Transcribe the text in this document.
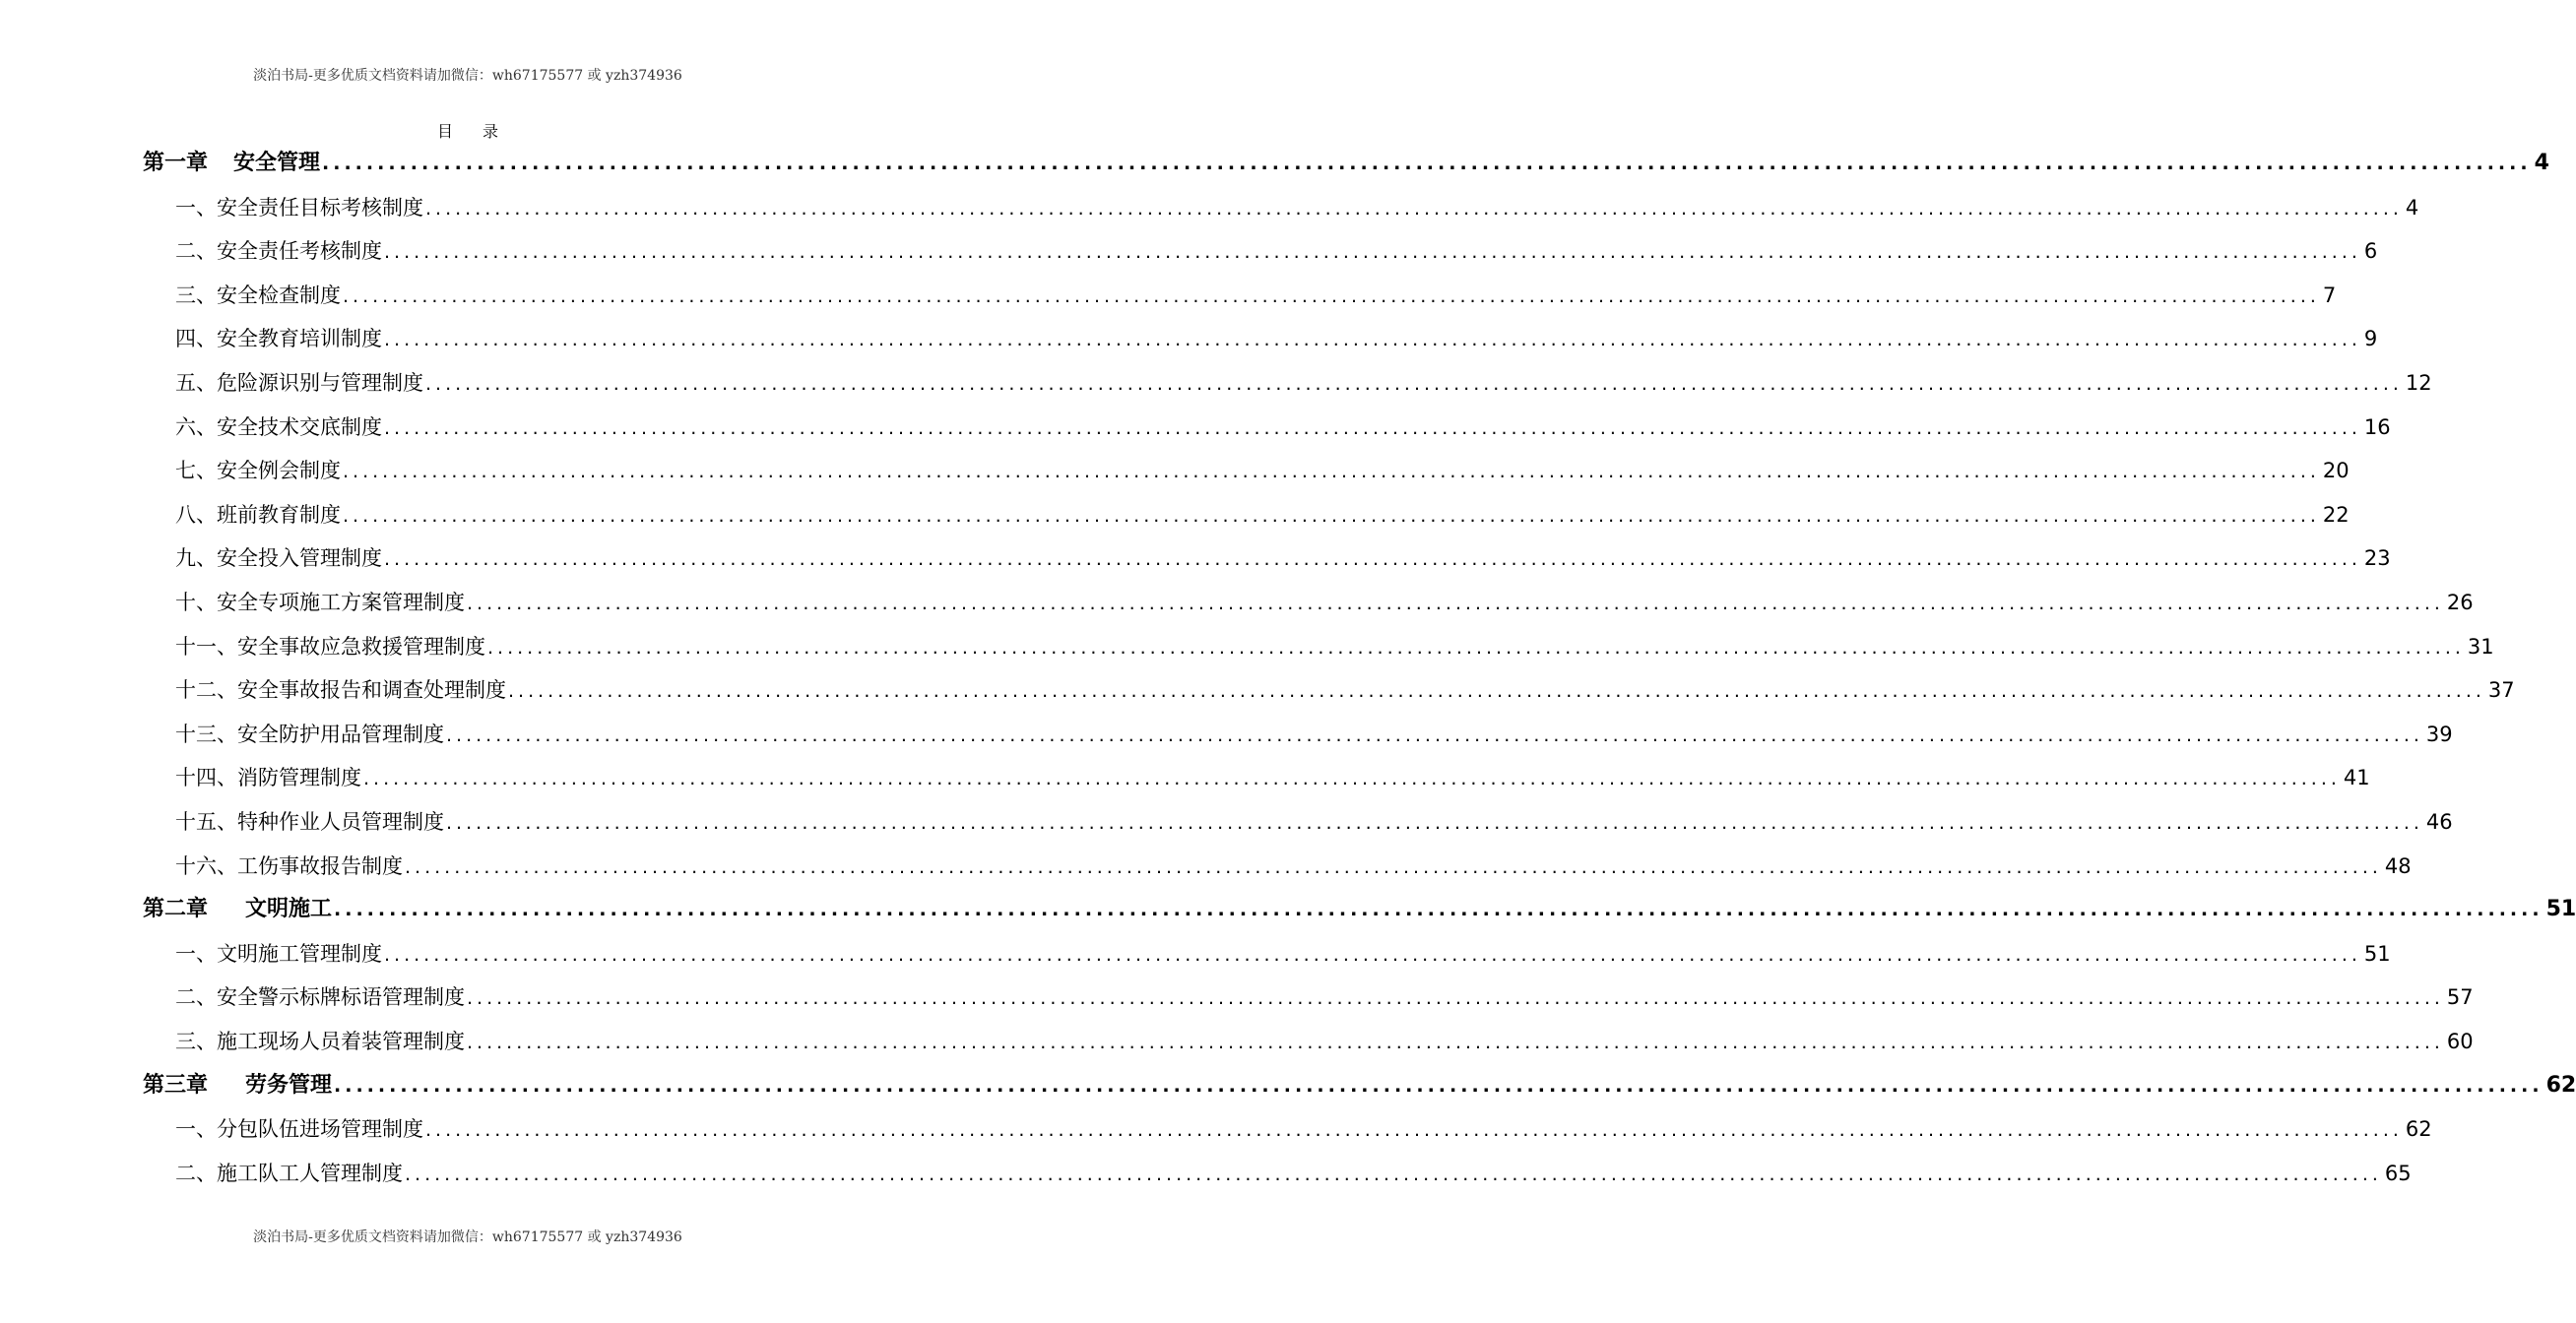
淡泊书局-更多优质文档资料请加微信：wh67175577 或 yzh374936
目录
第一章 安全管理 ........................................................................................................................................................................................................ 4
一、安全责任目标考核制度 ........................................................................................................................................................................................................ 4
二、安全责任考核制度 ........................................................................................................................................................................................................ 6
三、安全检查制度 ........................................................................................................................................................................................................ 7
四、安全教育培训制度 ........................................................................................................................................................................................................ 9
五、危险源识别与管理制度 ........................................................................................................................................................................................................ 12
六、安全技术交底制度 ........................................................................................................................................................................................................ 16
七、安全例会制度 ........................................................................................................................................................................................................ 20
八、班前教育制度 ........................................................................................................................................................................................................ 22
九、安全投入管理制度 ........................................................................................................................................................................................................ 23
十、安全专项施工方案管理制度 ........................................................................................................................................................................................................ 26
十一、安全事故应急救援管理制度 ........................................................................................................................................................................................................ 31
十二、安全事故报告和调查处理制度 ........................................................................................................................................................................................................ 37
十三、安全防护用品管理制度 ........................................................................................................................................................................................................ 39
十四、消防管理制度 ........................................................................................................................................................................................................ 41
十五、特种作业人员管理制度 ........................................................................................................................................................................................................ 46
十六、工伤事故报告制度 ........................................................................................................................................................................................................ 48
第二章 文明施工 ........................................................................................................................................................................................................ 51
一、文明施工管理制度 ........................................................................................................................................................................................................ 51
二、安全警示标牌标语管理制度 ........................................................................................................................................................................................................ 57
三、施工现场人员着装管理制度 ........................................................................................................................................................................................................ 60
第三章 劳务管理 ........................................................................................................................................................................................................ 62
一、分包队伍进场管理制度 ........................................................................................................................................................................................................ 62
二、施工队工人管理制度 ........................................................................................................................................................................................................ 65
淡泊书局-更多优质文档资料请加微信：wh67175577 或 yzh374936
